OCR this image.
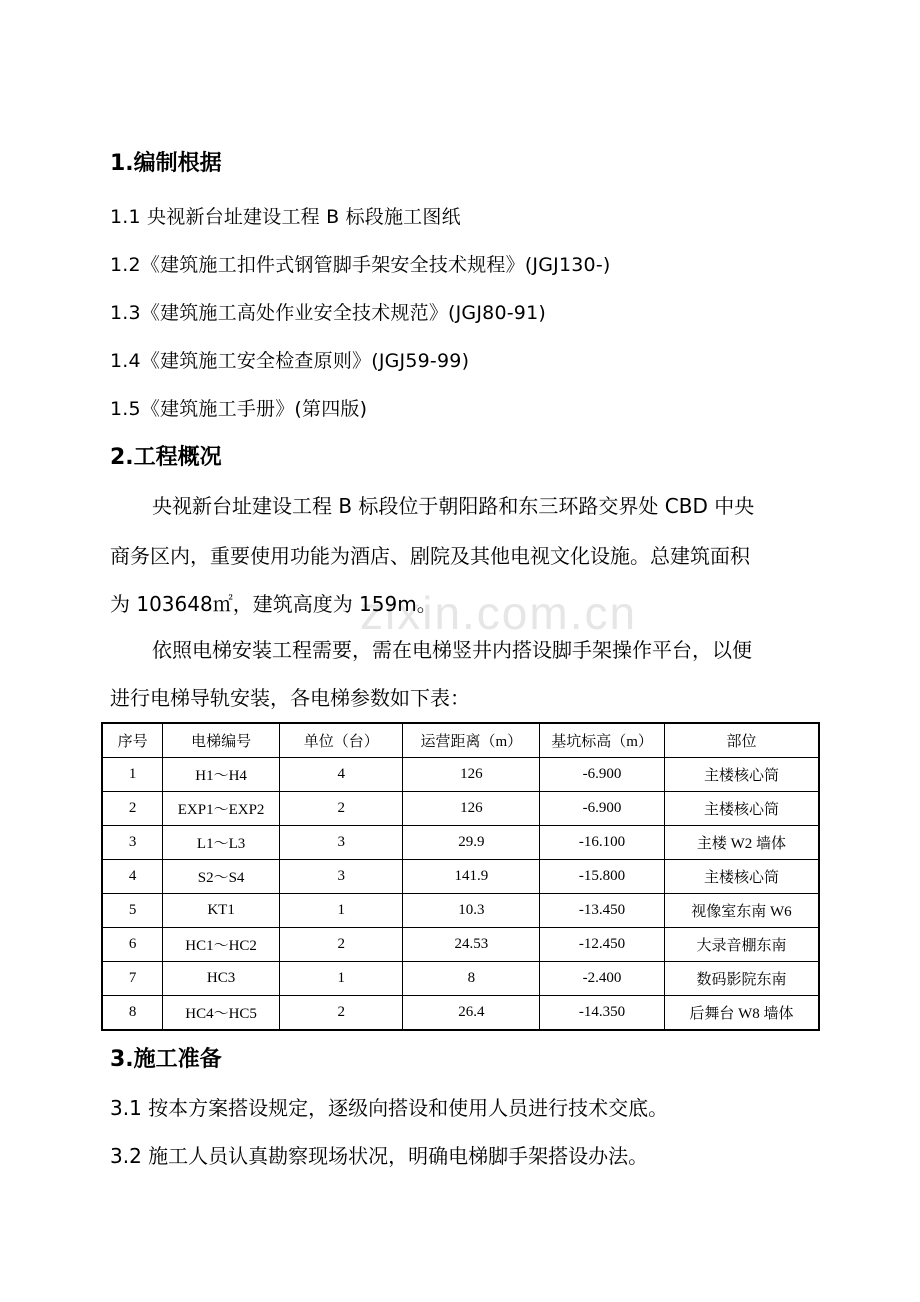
zixin.com.cn
1.编制根据
1.1 央视新台址建设工程 B 标段施工图纸
1.2《建筑施工扣件式钢管脚手架安全技术规程》(JGJ130-)
1.3《建筑施工高处作业安全技术规范》(JGJ80-91)
1.4《建筑施工安全检查原则》(JGJ59-99)
1.5《建筑施工手册》(第四版)
2.工程概况
央视新台址建设工程 B 标段位于朝阳路和东三环路交界处 CBD 中央
商务区内，重要使用功能为酒店、剧院及其他电视文化设施。总建筑面积
为 103648㎡，建筑高度为 159m。
依照电梯安装工程需要，需在电梯竖井内搭设脚手架操作平台，以便
进行电梯导轨安装，各电梯参数如下表：
序号	电梯编号	单位（台）	运营距离（m）	基坑标高（m）	部位
1	H1～H4	4	126	-6.900	主楼核心筒
2	EXP1～EXP2	2	126	-6.900	主楼核心筒
3	L1～L3	3	29.9	-16.100	主楼 W2 墙体
4	S2～S4	3	141.9	-15.800	主楼核心筒
5	KT1	1	10.3	-13.450	视像室东南 W6
6	HC1～HC2	2	24.53	-12.450	大录音棚东南
7	HC3	1	8	-2.400	数码影院东南
8	HC4～HC5	2	26.4	-14.350	后舞台 W8 墙体
3.施工准备
3.1 按本方案搭设规定，逐级向搭设和使用人员进行技术交底。
3.2 施工人员认真勘察现场状况，明确电梯脚手架搭设办法。
